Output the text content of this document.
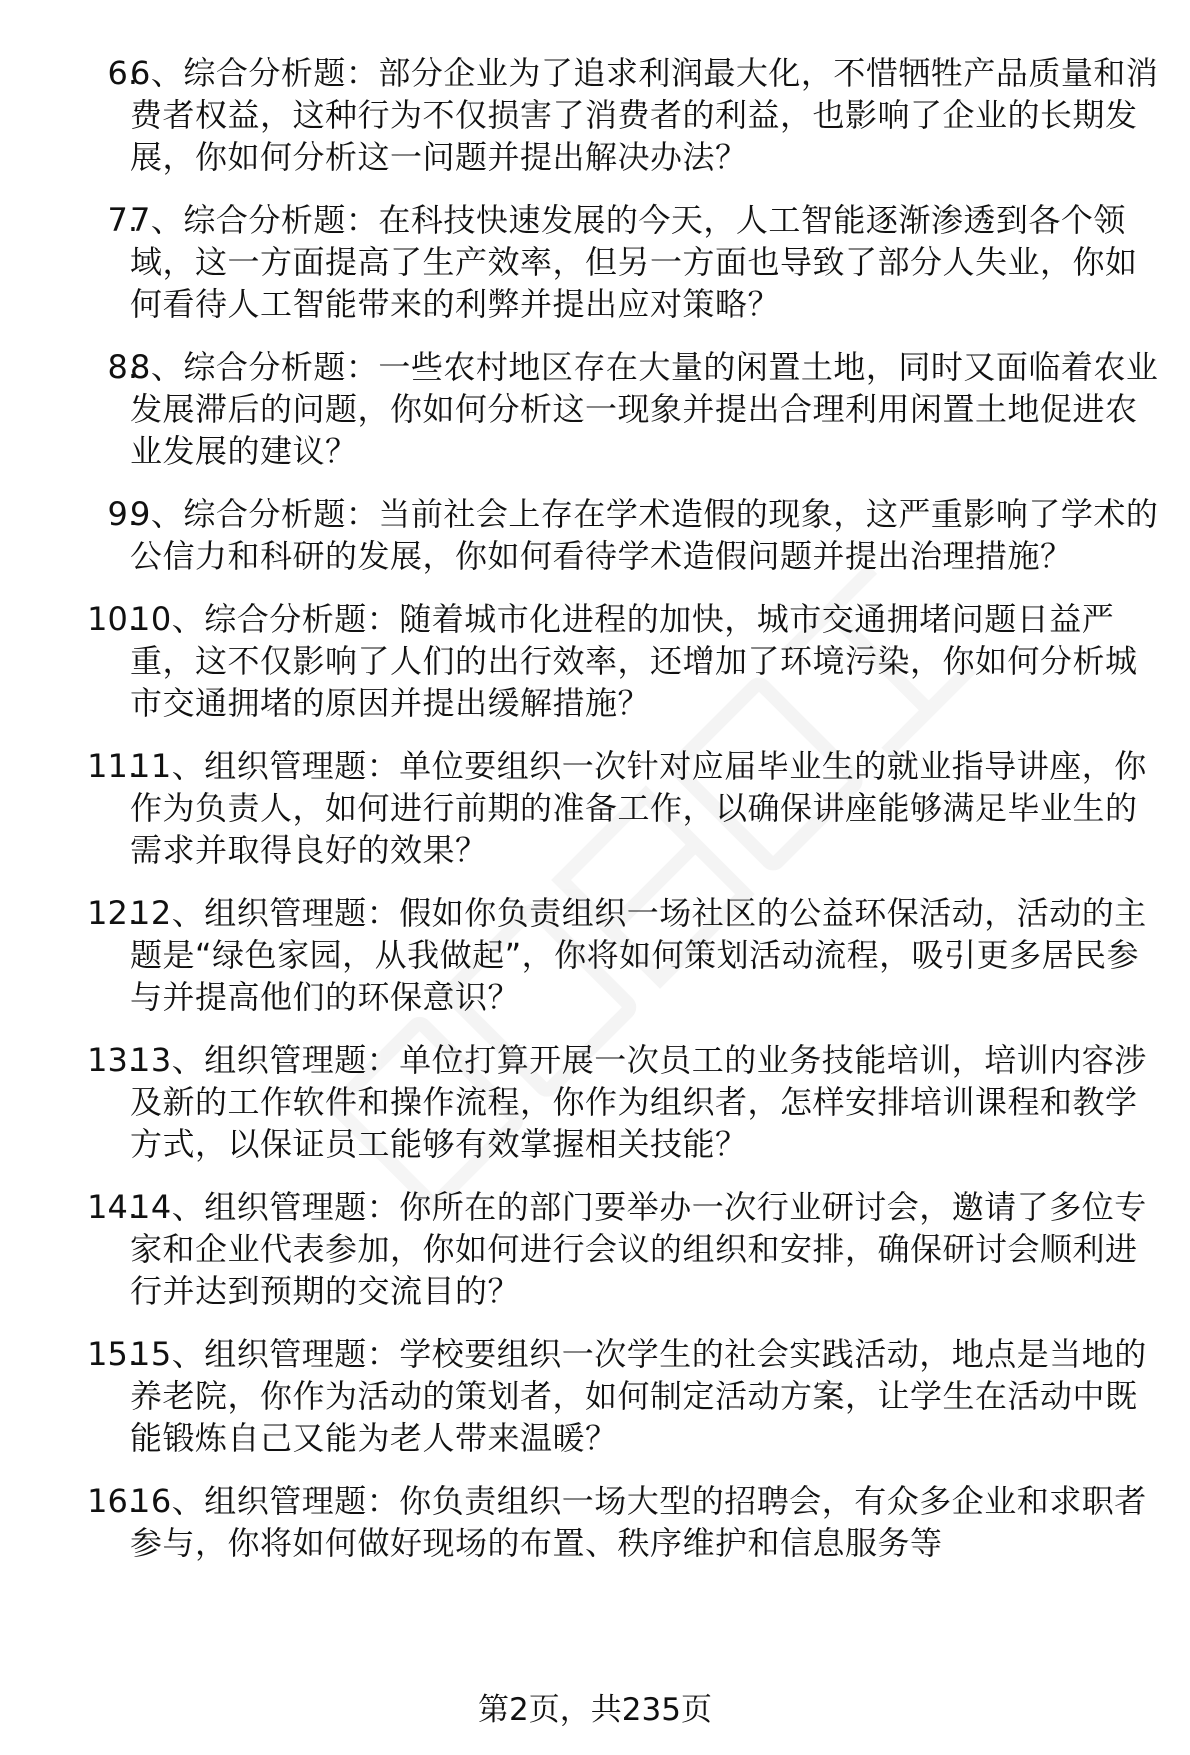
6.
6、综合分析题：部分企业为了追求利润最大化，不惜牺牲产品质量和消费者权益，这种行为不仅损害了消费者的利益，也影响了企业的长期发展，你如何分析这一问题并提出解决办法？
7.
7、综合分析题：在科技快速发展的今天，人工智能逐渐渗透到各个领域，这一方面提高了生产效率，但另一方面也导致了部分人失业，你如何看待人工智能带来的利弊并提出应对策略？
8.
8、综合分析题：一些农村地区存在大量的闲置土地，同时又面临着农业发展滞后的问题，你如何分析这一现象并提出合理利用闲置土地促进农业发展的建议？
9.
9、综合分析题：当前社会上存在学术造假的现象，这严重影响了学术的公信力和科研的发展，你如何看待学术造假问题并提出治理措施？
10.
10、综合分析题：随着城市化进程的加快，城市交通拥堵问题日益严重，这不仅影响了人们的出行效率，还增加了环境污染，你如何分析城市交通拥堵的原因并提出缓解措施？
11.
11、组织管理题：单位要组织一次针对应届毕业生的就业指导讲座，你作为负责人，如何进行前期的准备工作，以确保讲座能够满足毕业生的需求并取得良好的效果？
12.
12、组织管理题：假如你负责组织一场社区的公益环保活动，活动的主题是“绿色家园，从我做起”，你将如何策划活动流程，吸引更多居民参与并提高他们的环保意识？
13.
13、组织管理题：单位打算开展一次员工的业务技能培训，培训内容涉及新的工作软件和操作流程，你作为组织者，怎样安排培训课程和教学方式，以保证员工能够有效掌握相关技能？
14.
14、组织管理题：你所在的部门要举办一次行业研讨会，邀请了多位专家和企业代表参加，你如何进行会议的组织和安排，确保研讨会顺利进行并达到预期的交流目的？
15.
15、组织管理题：学校要组织一次学生的社会实践活动，地点是当地的养老院，你作为活动的策划者，如何制定活动方案，让学生在活动中既能锻炼自己又能为老人带来温暖？
16.
16、组织管理题：你负责组织一场大型的招聘会，有众多企业和求职者参与，你将如何做好现场的布置、秩序维护和信息服务等
第2页，共235页
